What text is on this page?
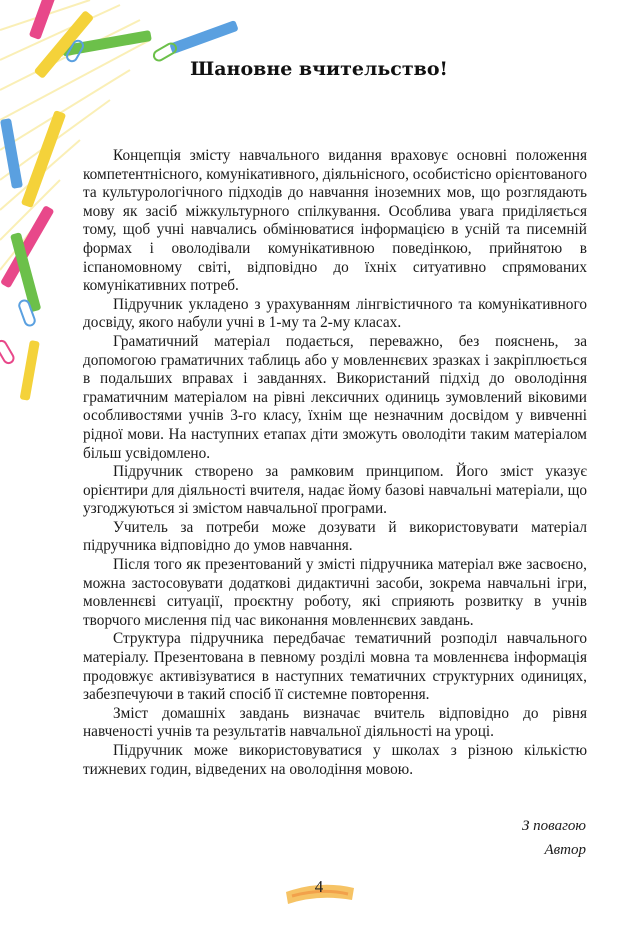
Шановне вчительство!

Концепція змісту навчального видання враховує основні положення компетентнісного, комунікативного, діяльнісного, особистісно орієнтованого та культурологічного підходів до навчання іноземних мов, що розглядають мову як засіб міжкультурного спілкування. Особлива увага приділяється тому, щоб учні навчались обмінюватися інформацією в усній та писемній формах і оволодівали комунікативною поведінкою, прийнятою в іспаномовному світі, відповідно до їхніх ситуативно спрямованих комунікативних потреб.

Підручник укладено з урахуванням лінгвістичного та комунікативного досвіду, якого набули учні в 1-му та 2-му класах.

Граматичний матеріал подається, переважно, без пояснень, за допомогою граматичних таблиць або у мовленнєвих зразках і закріплюється в подальших вправах і завданнях. Використаний підхід до оволодіння граматичним матеріалом на рівні лексичних одиниць зумовлений віковими особливостями учнів 3-го класу, їхнім ще незначним досвідом у вивченні рідної мови. На наступних етапах діти зможуть оволодіти таким матеріалом більш усвідомлено.

Підручник створено за рамковим принципом. Його зміст указує орієнтири для діяльності вчителя, надає йому базові навчальні матеріали, що узгоджуються зі змістом навчальної програми.

Учитель за потреби може дозувати й використовувати матеріал підручника відповідно до умов навчання.

Після того як презентований у змісті підручника матеріал вже засвоєно, можна застосовувати додаткові дидактичні засоби, зокрема навчальні ігри, мовленнєві ситуації, проєктну роботу, які сприяють розвитку в учнів творчого мислення під час виконання мовленнєвих завдань.

Структура підручника передбачає тематичний розподіл навчального матеріалу. Презентована в певному розділі мовна та мовленнєва інформація продовжує активізуватися в наступних тематичних структурних одиницях, забезпечуючи в такий спосіб її системне повторення.

Зміст домашніх завдань визначає вчитель відповідно до рівня навченості учнів та результатів навчальної діяльності на уроці.

Підручник може використовуватися у школах з різною кількістю тижневих годин, відведених на оволодіння мовою.

З повагою
Автор
4
